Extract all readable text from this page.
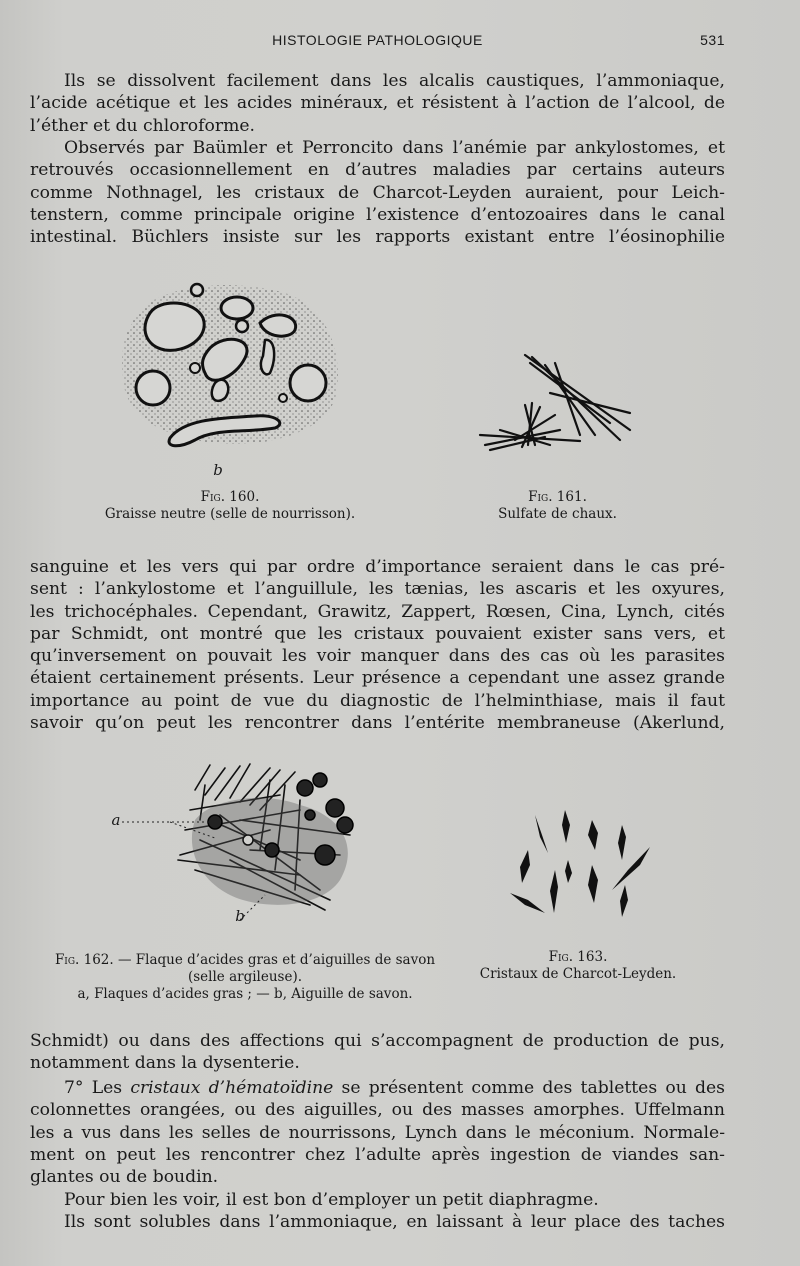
HISTOLOGIE PATHOLOGIQUE	531
Ils se dissolvent facilement dans les alcalis caustiques, l’ammoniaque,
l’acide acétique et les acides minéraux, et résistent à l’action de l’alcool, de
l’éther et du chloroforme.
Observés par Baümler et Perroncito dans l’anémie par ankylostomes, et
retrouvés occasionnellement en d’autres maladies par certains auteurs
comme Nothnagel, les cristaux de Charcot-Leyden auraient, pour Leich-
tenstern, comme principale origine l’existence d’entozoaires dans le canal
intestinal. Büchlers insiste sur les rapports existant entre l’éosinophilie
b
Fig. 160.
Graisse neutre (selle de nourrisson).
Fig. 161.
Sulfate de chaux.
sanguine et les vers qui par ordre d’importance seraient dans le cas pré-
sent : l’ankylostome et l’anguillule, les tænias, les ascaris et les oxyures,
les trichocéphales. Cependant, Grawitz, Zappert, Rœsen, Cina, Lynch, cités
par Schmidt, ont montré que les cristaux pouvaient exister sans vers, et
qu’inversement on pouvait les voir manquer dans des cas où les parasites
étaient certainement présents. Leur présence a cependant une assez grande
importance au point de vue du diagnostic de l’helminthiase, mais il faut
savoir qu’on peut les rencontrer dans l’entérite membraneuse (Akerlund,
a
b
Fig. 162. — Flaque d’acides gras et d’aiguilles de savon
(selle argileuse).
a, Flaques d’acides gras ; — b, Aiguille de savon.
Fig. 163.
Cristaux de Charcot-Leyden.
Schmidt) ou dans des affections qui s’accompagnent de production de pus,
notamment dans la dysenterie.
7° Les cristaux d’hématoïdine se présentent comme des tablettes ou des
colonnettes orangées, ou des aiguilles, ou des masses amorphes. Uffelmann
les a vus dans les selles de nourrissons, Lynch dans le méconium. Normale-
ment on peut les rencontrer chez l’adulte après ingestion de viandes san-
glantes ou de boudin.
Pour bien les voir, il est bon d’employer un petit diaphragme.
Ils sont solubles dans l’ammoniaque, en laissant à leur place des taches
